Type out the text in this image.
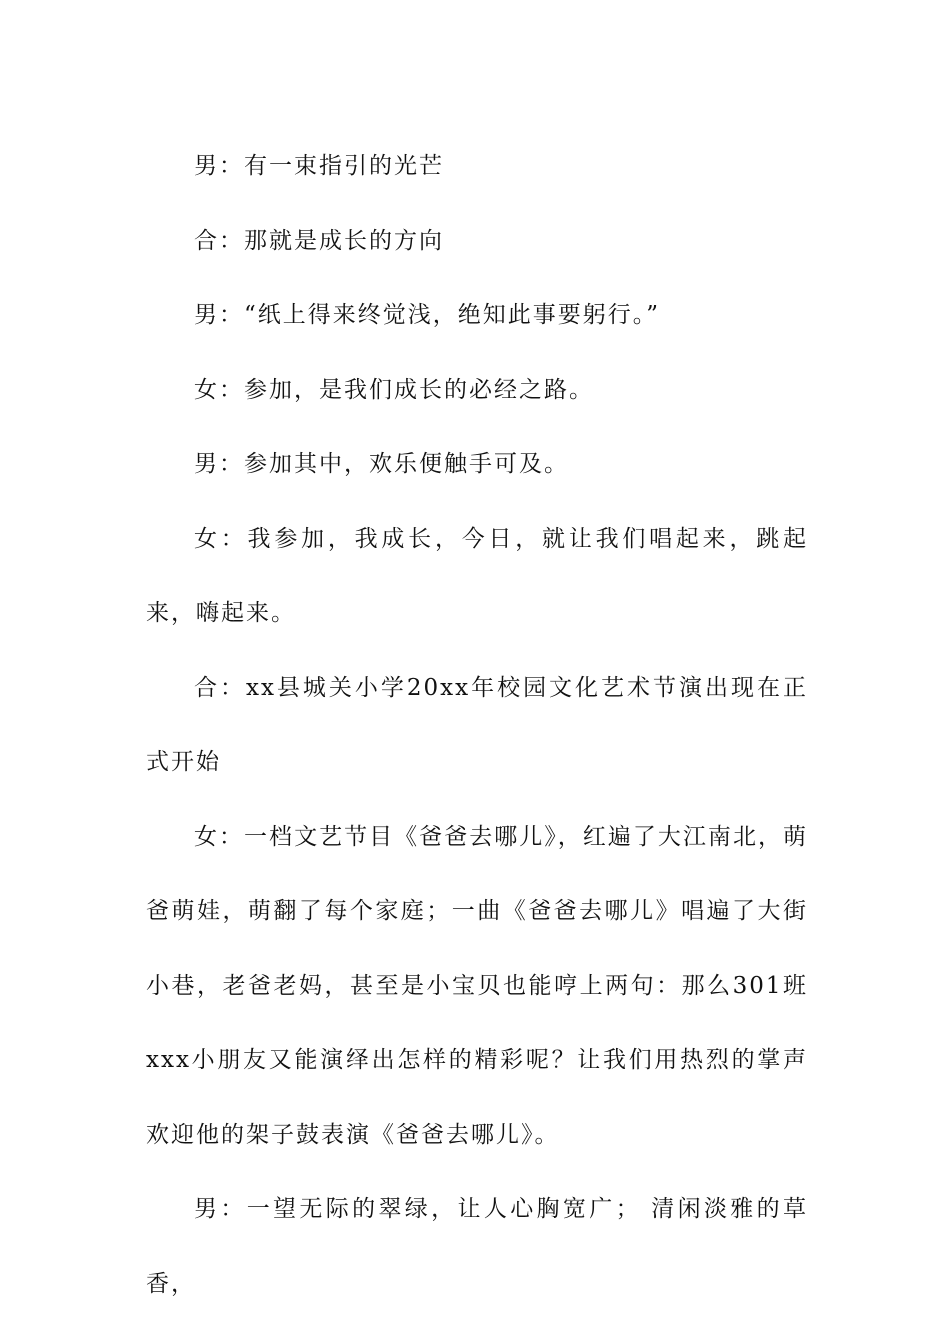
男：有一束指引的光芒

合：那就是成长的方向

男：“纸上得来终觉浅，绝知此事要躬行。”

女：参加，是我们成长的必经之路。

男：参加其中，欢乐便触手可及。

女：我参加，我成长，今日，就让我们唱起来，跳起来，嗨起来。

合：xx县城关小学20xx年校园文化艺术节演出现在正式开始

女：一档文艺节目《爸爸去哪儿》，红遍了大江南北，萌爸萌娃，萌翻了每个家庭；一曲《爸爸去哪儿》唱遍了大街小巷，老爸老妈，甚至是小宝贝也能哼上两句：那么301班xxx小朋友又能演绎出怎样的精彩呢？让我们用热烈的掌声欢迎他的架子鼓表演《爸爸去哪儿》。

男：一望无际的翠绿，让人心胸宽广； 清闲淡雅的草香，
